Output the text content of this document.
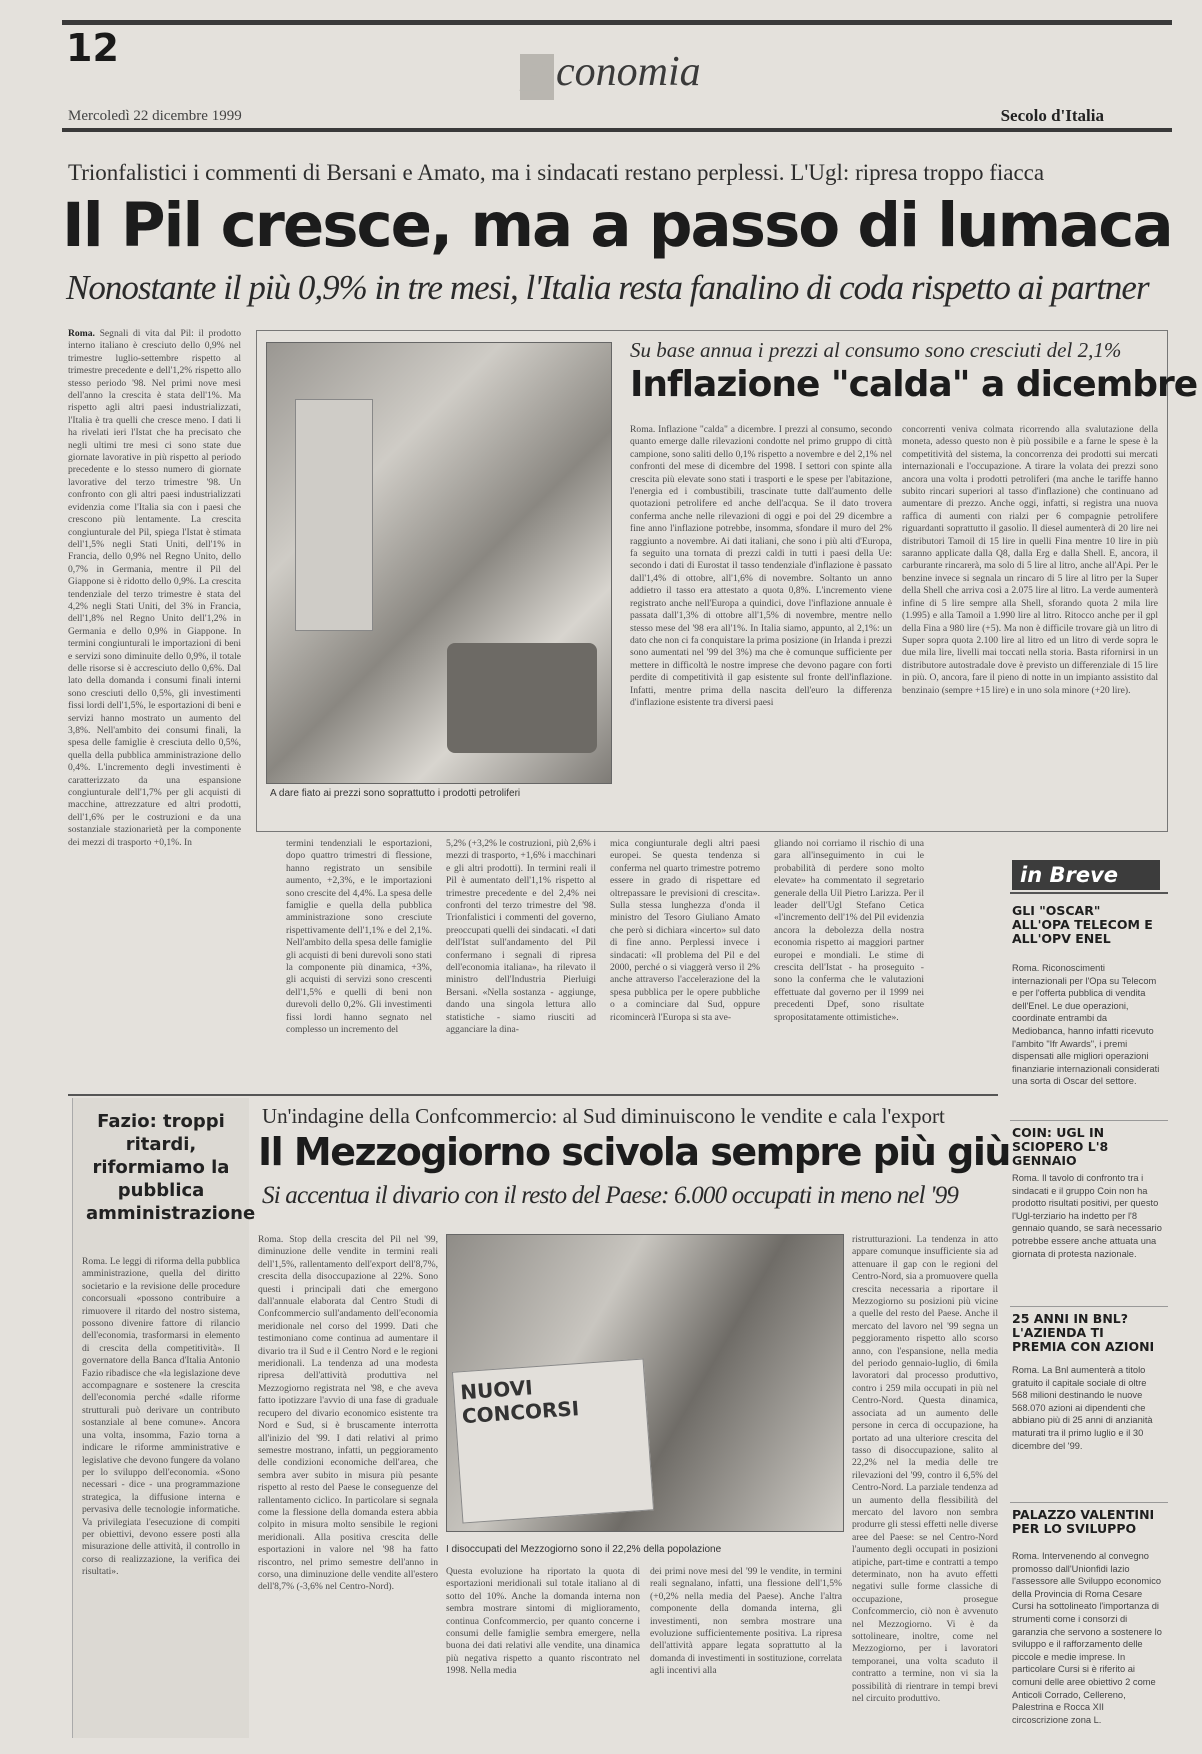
12
E conomia
Mercoledì 22 dicembre 1999	Secolo d'Italia
Trionfalistici i commenti di Bersani e Amato, ma i sindacati restano perplessi. L'Ugl: ripresa troppo fiacca
Il Pil cresce, ma a passo di lumaca
Nonostante il più 0,9% in tre mesi, l'Italia resta fanalino di coda rispetto ai partner
Roma. Segnali di vita dal Pil: il prodotto interno italiano è cresciuto dello 0,9% nel trimestre luglio-settembre rispetto al trimestre precedente e dell'1,2% rispetto allo stesso periodo '98. Nel primi nove mesi dell'anno la crescita è stata dell'1%. Ma rispetto agli altri paesi industrializzati, l'Italia è tra quelli che cresce meno. I dati li ha rivelati ieri l'Istat che ha precisato che negli ultimi tre mesi ci sono state due giornate lavorative in più rispetto al periodo precedente e lo stesso numero di giornate lavorative del terzo trimestre '98. Un confronto con gli altri paesi industrializzati evidenzia come l'Italia sia con i paesi che crescono più lentamente. La crescita congiunturale del Pil, spiega l'Istat è stimata dell'1,5% negli Stati Uniti, dell'1% in Francia, dello 0,9% nel Regno Unito, dello 0,7% in Germania, mentre il Pil del Giappone si è ridotto dello 0,9%. La crescita tendenziale del terzo trimestre è stata del 4,2% negli Stati Uniti, del 3% in Francia, dell'1,8% nel Regno Unito dell'1,2% in Germania e dello 0,9% in Giappone. In termini congiunturali le importazioni di beni e servizi sono diminuite dello 0,9%, il totale delle risorse si è accresciuto dello 0,6%. Dal lato della domanda i consumi finali interni sono cresciuti dello 0,5%, gli investimenti fissi lordi dell'1,5%, le esportazioni di beni e servizi hanno mostrato un aumento del 3,8%. Nell'ambito dei consumi finali, la spesa delle famiglie è cresciuta dello 0,5%, quella della pubblica amministrazione dello 0,4%. L'incremento degli investimenti è caratterizzato da una espansione congiunturale dell'1,7% per gli acquisti di macchine, attrezzature ed altri prodotti, dell'1,6% per le costruzioni e da una sostanziale stazionarietà per la componente dei mezzi di trasporto +0,1%. In
A dare fiato ai prezzi sono soprattutto i prodotti petroliferi
Su base annua i prezzi al consumo sono cresciuti del 2,1%
Inflazione "calda" a dicembre
Roma. Inflazione "calda" a dicembre. I prezzi al consumo, secondo quanto emerge dalle rilevazioni condotte nel primo gruppo di città campione, sono saliti dello 0,1% rispetto a novembre e del 2,1% nel confronti del mese di dicembre del 1998. I settori con spinte alla crescita più elevate sono stati i trasporti e le spese per l'abitazione, l'energia ed i combustibili, trascinate tutte dall'aumento delle quotazioni petrolifere ed anche dell'acqua. Se il dato trovera conferma anche nelle rilevazioni di oggi e poi del 29 dicembre a fine anno l'inflazione potrebbe, insomma, sfondare il muro del 2% raggiunto a novembre. Ai dati italiani, che sono i più alti d'Europa, fa seguito una tornata di prezzi caldi in tutti i paesi della Ue: secondo i dati di Eurostat il tasso tendenziale d'inflazione è passato dall'1,4% di ottobre, all'1,6% di novembre. Soltanto un anno addietro il tasso era attestato a quota 0,8%. L'incremento viene registrato anche nell'Europa a quindici, dove l'inflazione annuale è passata dall'1,3% di ottobre all'1,5% di novembre, mentre nello stesso mese del '98 era all'1%. In Italia siamo, appunto, al 2,1%: un dato che non ci fa conquistare la prima posizione (in Irlanda i prezzi sono aumentati nel '99 del 3%) ma che è comunque sufficiente per mettere in difficoltà le nostre imprese che devono pagare con forti perdite di competitività il gap esistente sul fronte dell'inflazione. Infatti, mentre prima della nascita dell'euro la differenza d'inflazione esistente tra diversi paesi
concorrenti veniva colmata ricorrendo alla svalutazione della moneta, adesso questo non è più possibile e a farne le spese è la competitività del sistema, la concorrenza dei prodotti sui mercati internazionali e l'occupazione. A tirare la volata dei prezzi sono ancora una volta i prodotti petroliferi (ma anche le tariffe hanno subito rincari superiori al tasso d'inflazione) che continuano ad aumentare di prezzo. Anche oggi, infatti, si registra una nuova raffica di aumenti con rialzi per 6 compagnie petrolifere riguardanti soprattutto il gasolio. Il diesel aumenterà di 20 lire nei distributori Tamoil di 15 lire in quelli Fina mentre 10 lire in più saranno applicate dalla Q8, dalla Erg e dalla Shell. E, ancora, il carburante rincarerà, ma solo di 5 lire al litro, anche all'Api. Per le benzine invece si segnala un rincaro di 5 lire al litro per la Super della Shell che arriva così a 2.075 lire al litro. La verde aumenterà infine di 5 lire sempre alla Shell, sforando quota 2 mila lire (1.995) e alla Tamoil a 1.990 lire al litro. Ritocco anche per il gpl della Fina a 980 lire (+5). Ma non è difficile trovare già un litro di Super sopra quota 2.100 lire al litro ed un litro di verde sopra le due mila lire, livelli mai toccati nella storia. Basta rifornirsi in un distributore autostradale dove è previsto un differenziale di 15 lire in più. O, ancora, fare il pieno di notte in un impianto assistito dal benzinaio (sempre +15 lire) e in uno sola minore (+20 lire).
termini tendenziali le esportazioni, dopo quattro trimestri di flessione, hanno registrato un sensibile aumento, +2,3%, e le importazioni sono crescite del 4,4%. La spesa delle famiglie e quella della pubblica amministrazione sono cresciute rispettivamente dell'1,1% e del 2,1%. Nell'ambito della spesa delle famiglie gli acquisti di beni durevoli sono stati la componente più dinamica, +3%, gli acquisti di servizi sono crescenti dell'1,5% e quelli di beni non durevoli dello 0,2%. Gli investimenti fissi lordi hanno segnato nel complesso un incremento del
5,2% (+3,2% le costruzioni, più 2,6% i mezzi di trasporto, +1,6% i macchinari e gli altri prodotti). In termini reali il Pil è aumentato dell'1,1% rispetto al trimestre precedente e del 2,4% nei confronti del terzo trimestre del '98. Trionfalistici i commenti del governo, preoccupati quelli dei sindacati. «I dati dell'Istat sull'andamento del Pil confermano i segnali di ripresa dell'economia italiana», ha rilevato il ministro dell'Industria Pierluigi Bersani. «Nella sostanza - aggiunge, dando una singola lettura allo statistiche - siamo riusciti ad agganciare la dina-
mica congiunturale degli altri paesi europei. Se questa tendenza si conferma nel quarto trimestre potremo essere in grado di rispettare ed oltrepassare le previsioni di crescita». Sulla stessa lunghezza d'onda il ministro del Tesoro Giuliano Amato che però si dichiara «incerto» sul dato di fine anno. Perplessi invece i sindacati: «Il problema del Pil e del 2000, perché o si viaggerà verso il 2% anche attraverso l'accelerazione del la spesa pubblica per le opere pubbliche o a cominciare dal Sud, oppure ricomincerà l'Europa si sta ave-
gliando noi corriamo il rischio di una gara all'inseguimento in cui le probabilità di perdere sono molto elevate» ha commentato il segretario generale della Uil Pietro Larizza. Per il leader dell'Ugl Stefano Cetica «l'incremento dell'1% del Pil evidenzia ancora la debolezza della nostra economia rispetto ai maggiori partner europei e mondiali. Le stime di crescita dell'Istat - ha proseguito - sono la conferma che le valutazioni effettuate dal governo per il 1999 nei precedenti Dpef, sono risultate spropositatamente ottimistiche».
in Breve
GLI "OSCAR" ALL'OPA TELECOM E ALL'OPV ENEL
Roma. Riconoscimenti internazionali per l'Opa su Telecom e per l'offerta pubblica di vendita dell'Enel. Le due operazioni, coordinate entrambi da Mediobanca, hanno infatti ricevuto l'ambito "Ifr Awards", i premi dispensati alle migliori operazioni finanziarie internazionali considerati una sorta di Oscar del settore.
COIN: UGL IN SCIOPERO L'8 GENNAIO
Roma. Il tavolo di confronto tra i sindacati e il gruppo Coin non ha prodotto risultati positivi, per questo l'Ugl-terziario ha indetto per l'8 gennaio quando, se sarà necessario potrebbe essere anche attuata una giornata di protesta nazionale.
25 ANNI IN BNL? L'AZIENDA TI PREMIA CON AZIONI
Roma. La Bnl aumenterà a titolo gratuito il capitale sociale di oltre 568 milioni destinando le nuove 568.070 azioni ai dipendenti che abbiano più di 25 anni di anzianità maturati tra il primo luglio e il 30 dicembre del '99.
PALAZZO VALENTINI PER LO SVILUPPO
Roma. Intervenendo al convegno promosso dall'Unionfidi lazio l'assessore alle Sviluppo economico della Provincia di Roma Cesare Cursi ha sottolineato l'importanza di strumenti come i consorzi di garanzia che servono a sostenere lo sviluppo e il rafforzamento delle piccole e medie imprese. In particolare Cursi si è riferito ai comuni delle aree obiettivo 2 come Anticoli Corrado, Cellereno, Palestrina e Rocca XII circoscrizione zona L.
Fazio: troppi ritardi, riformiamo la pubblica amministrazione
Roma. Le leggi di riforma della pubblica amministrazione, quella del diritto societario e la revisione delle procedure concorsuali «possono contribuire a rimuovere il ritardo del nostro sistema, possono divenire fattore di rilancio dell'economia, trasformarsi in elemento di crescita della competitività». Il governatore della Banca d'Italia Antonio Fazio ribadisce che «la legislazione deve accompagnare e sostenere la crescita dell'economia perché «dalle riforme strutturali può derivare un contributo sostanziale al bene comune». Ancora una volta, insomma, Fazio torna a indicare le riforme amministrative e legislative che devono fungere da volano per lo sviluppo dell'economia. «Sono necessari - dice - una programmazione strategica, la diffusione interna e pervasiva delle tecnologie informatiche. Va privilegiata l'esecuzione di compiti per obiettivi, devono essere posti alla misurazione delle attività, il controllo in corso di realizzazione, la verifica dei risultati».
Un'indagine della Confcommercio: al Sud diminuiscono le vendite e cala l'export
Il Mezzogiorno scivola sempre più giù
Si accentua il divario con il resto del Paese: 6.000 occupati in meno nel '99
Roma. Stop della crescita del Pil nel '99, diminuzione delle vendite in termini reali dell'1,5%, rallentamento dell'export dell'8,7%, crescita della disoccupazione al 22%. Sono questi i principali dati che emergono dall'annuale elaborata dal Centro Studi di Confcommercio sull'andamento dell'economia meridionale nel corso del 1999. Dati che testimoniano come continua ad aumentare il divario tra il Sud e il Centro Nord e le regioni meridionali. La tendenza ad una modesta ripresa dell'attività produttiva nel Mezzogiorno registrata nel '98, e che aveva fatto ipotizzare l'avvio di una fase di graduale recupero del divario economico esistente tra Nord e Sud, si è bruscamente interrotta all'inizio del '99. I dati relativi al primo semestre mostrano, infatti, un peggioramento delle condizioni economiche dell'area, che sembra aver subito in misura più pesante rispetto al resto del Paese le conseguenze del rallentamento ciclico. In particolare si segnala come la flessione della domanda estera abbia colpito in misura molto sensibile le regioni meridionali. Alla positiva crescita delle esportazioni in valore nel '98 ha fatto riscontro, nel primo semestre dell'anno in corso, una diminuzione delle vendite all'estero dell'8,7% (-3,6% nel Centro-Nord).
NUOVI CONCORSI
I disoccupati del Mezzogiorno sono il 22,2% della popolazione
Questa evoluzione ha riportato la quota di esportazioni meridionali sul totale italiano al di sotto del 10%. Anche la domanda interna non sembra mostrare sintomi di miglioramento, continua Confcommercio, per quanto concerne i consumi delle famiglie sembra emergere, nella buona dei dati relativi alle vendite, una dinamica più negativa rispetto a quanto riscontrato nel 1998. Nella media
dei primi nove mesi del '99 le vendite, in termini reali segnalano, infatti, una flessione dell'1,5% (+0,2% nella media del Paese). Anche l'altra componente della domanda interna, gli investimenti, non sembra mostrare una evoluzione sufficientemente positiva. La ripresa dell'attività appare legata soprattutto al la domanda di investimenti in sostituzione, correlata agli incentivi alla
ristrutturazioni. La tendenza in atto appare comunque insufficiente sia ad attenuare il gap con le regioni del Centro-Nord, sia a promuovere quella crescita necessaria a riportare il Mezzogiorno su posizioni più vicine a quelle del resto del Paese. Anche il mercato del lavoro nel '99 segna un peggioramento rispetto allo scorso anno, con l'espansione, nella media del periodo gennaio-luglio, di 6mila lavoratori dal processo produttivo, contro i 259 mila occupati in più nel Centro-Nord. Questa dinamica, associata ad un aumento delle persone in cerca di occupazione, ha portato ad una ulteriore crescita del tasso di disoccupazione, salito al 22,2% nel la media delle tre rilevazioni del '99, contro il 6,5% del Centro-Nord. La parziale tendenza ad un aumento della flessibilità del mercato del lavoro non sembra produrre gli stessi effetti nelle diverse aree del Paese: se nel Centro-Nord l'aumento degli occupati in posizioni atipiche, part-time e contratti a tempo determinato, non ha avuto effetti negativi sulle forme classiche di occupazione, prosegue Confcommercio, ciò non è avvenuto nel Mezzogiorno. Vi è da sottolineare, inoltre, come nel Mezzogiorno, per i lavoratori temporanei, una volta scaduto il contratto a termine, non vi sia la possibilità di rientrare in tempi brevi nel circuito produttivo.
